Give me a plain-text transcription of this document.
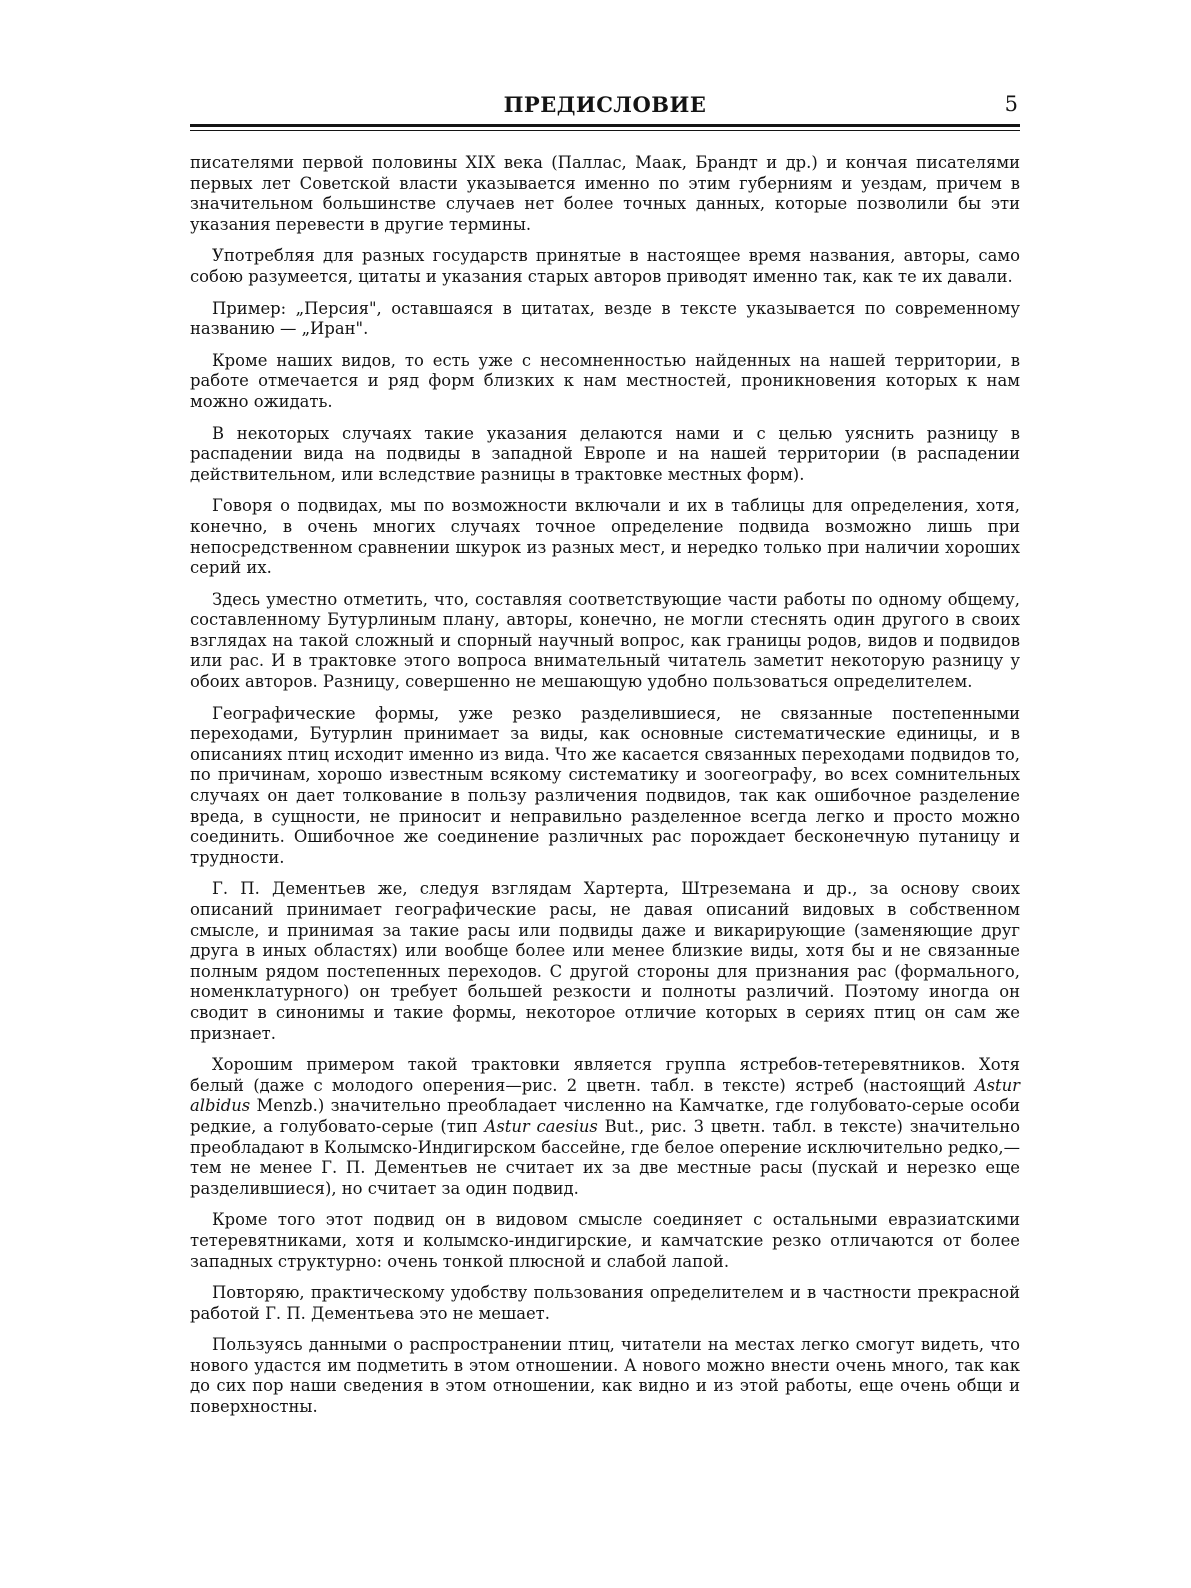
ПРЕДИСЛОВИЕ	5

писателями первой половины XIX века (Паллас, Маак, Брандт и др.) и кончая писателями первых лет Советской власти указывается именно по этим губерниям и уездам, причем в значительном большинстве случаев нет более точных данных, которые позволили бы эти указания перевести в другие термины.

Употребляя для разных государств принятые в настоящее время названия, авторы, само собою разумеется, цитаты и указания старых авторов приводят именно так, как те их давали.

Пример: „Персия", оставшаяся в цитатах, везде в тексте указывается по современному названию — „Иран".

Кроме наших видов, то есть уже с несомненностью найденных на нашей территории, в работе отмечается и ряд форм близких к нам местностей, проникновения которых к нам можно ожидать.

В некоторых случаях такие указания делаются нами и с целью уяснить разницу в распадении вида на подвиды в западной Европе и на нашей территории (в распадении действительном, или вследствие разницы в трактовке местных форм).

Говоря о подвидах, мы по возможности включали и их в таблицы для определения, хотя, конечно, в очень многих случаях точное определение подвида возможно лишь при непосредственном сравнении шкурок из разных мест, и нередко только при наличии хороших серий их.

Здесь уместно отметить, что, составляя соответствующие части работы по одному общему, составленному Бутурлиным плану, авторы, конечно, не могли стеснять один другого в своих взглядах на такой сложный и спорный научный вопрос, как границы родов, видов и подвидов или рас. И в трактовке этого вопроса внимательный читатель заметит некоторую разницу у обоих авторов. Разницу, совершенно не мешающую удобно пользоваться определителем.

Географические формы, уже резко разделившиеся, не связанные постепенными переходами, Бутурлин принимает за виды, как основные систематические единицы, и в описаниях птиц исходит именно из вида. Что же касается связанных переходами подвидов то, по причинам, хорошо известным всякому систематику и зоогеографу, во всех сомнительных случаях он дает толкование в пользу различения подвидов, так как ошибочное разделение вреда, в сущности, не приносит и неправильно разделенное всегда легко и просто можно соединить. Ошибочное же соединение различных рас порождает бесконечную путаницу и трудности.

Г. П. Дементьев же, следуя взглядам Хартерта, Штреземана и др., за основу своих описаний принимает географические расы, не давая описаний видовых в собственном смысле, и принимая за такие расы или подвиды даже и викарирующие (заменяющие друг друга в иных областях) или вообще более или менее близкие виды, хотя бы и не связанные полным рядом постепенных переходов. С другой стороны для признания рас (формального, номенклатурного) он требует большей резкости и полноты различий. Поэтому иногда он сводит в синонимы и такие формы, некоторое отличие которых в сериях птиц он сам же признает.

Хорошим примером такой трактовки является группа ястребов-тетеревятников. Хотя белый (даже с молодого оперения—рис. 2 цветн. табл. в тексте) ястреб (настоящий Astur albidus Menzb.) значительно преобладает численно на Камчатке, где голубовато-серые особи редкие, а голубовато-серые (тип Astur caesius But., рис. 3 цветн. табл. в тексте) значительно преобладают в Колымско-Индигирском бассейне, где белое оперение исключительно редко,— тем не менее Г. П. Дементьев не считает их за две местные расы (пускай и нерезко еще разделившиеся), но считает за один подвид.

Кроме того этот подвид он в видовом смысле соединяет с остальными евразиатскими тетеревятниками, хотя и колымско-индигирские, и камчатские резко отличаются от более западных структурно: очень тонкой плюсной и слабой лапой.

Повторяю, практическому удобству пользования определителем и в частности прекрасной работой Г. П. Дементьева это не мешает.

Пользуясь данными о распространении птиц, читатели на местах легко смогут видеть, что нового удастся им подметить в этом отношении. А нового можно внести очень много, так как до сих пор наши сведения в этом отношении, как видно и из этой работы, еще очень общи и поверхностны.
